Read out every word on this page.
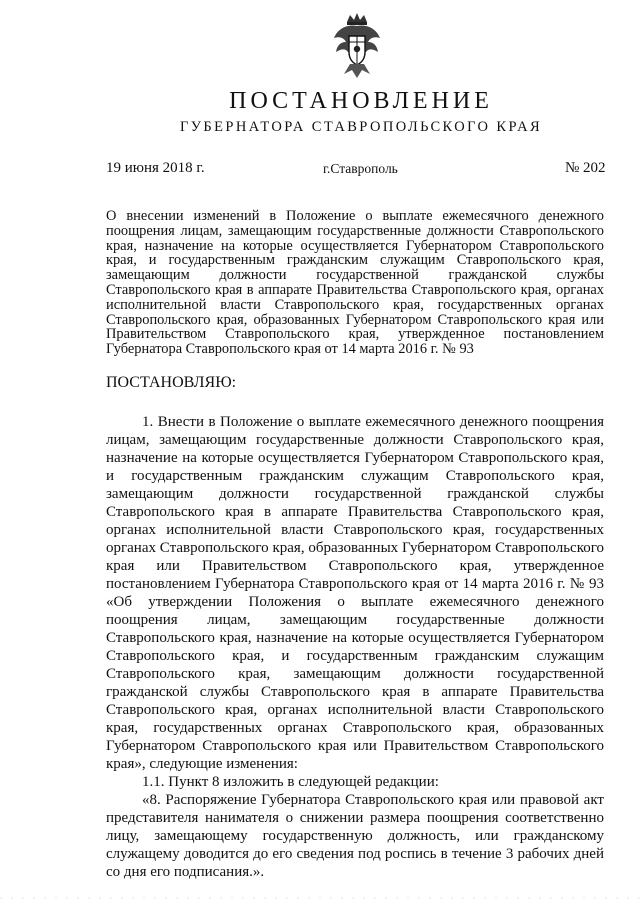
ПОСТАНОВЛЕНИЕ
ГУБЕРНАТОРА СТАВРОПОЛЬСКОГО КРАЯ
19 июня 2018 г.	г.Ставрополь	№ 202
О внесении изменений в Положение о выплате ежемесячного денежного поощрения лицам, замещающим государственные должности Ставропольского края, назначение на которые осуществляется Губернатором Ставропольского края, и государственным гражданским служащим Ставропольского края, замещающим должности государственной гражданской службы Ставропольского края в аппарате Правительства Ставропольского края, органах исполнительной власти Ставропольского края, государственных органах Ставропольского края, образованных Губернатором Ставропольского края или Правительством Ставропольского края, утвержденное постановлением Губернатора Ставропольского края от 14 марта 2016 г. № 93
ПОСТАНОВЛЯЮ:

1. Внести в Положение о выплате ежемесячного денежного поощрения лицам, замещающим государственные должности Ставропольского края, назначение на которые осуществляется Губернатором Ставропольского края, и государственным гражданским служащим Ставропольского края, замещающим должности государственной гражданской службы Ставропольского края в аппарате Правительства Ставропольского края, органах исполнительной власти Ставропольского края, государственных органах Ставропольского края, образованных Губернатором Ставропольского края или Правительством Ставропольского края, утвержденное постановлением Губернатора Ставропольского края от 14 марта 2016 г. № 93 «Об утверждении Положения о выплате ежемесячного денежного поощрения лицам, замещающим государственные должности Ставропольского края, назначение на которые осуществляется Губернатором Ставропольского края, и государственным гражданским служащим Ставропольского края, замещающим должности государственной гражданской службы Ставропольского края в аппарате Правительства Ставропольского края, органах исполнительной власти Ставропольского края, государственных органах Ставропольского края, образованных Губернатором Ставропольского края или Правительством Ставропольского края», следующие изменения:

1.1. Пункт 8 изложить в следующей редакции:

«8. Распоряжение Губернатора Ставропольского края или правовой акт представителя нанимателя о снижении размера поощрения соответственно лицу, замещающему государственную должность, или гражданскому служащему доводится до его сведения под роспись в течение 3 рабочих дней со дня его подписания.».
